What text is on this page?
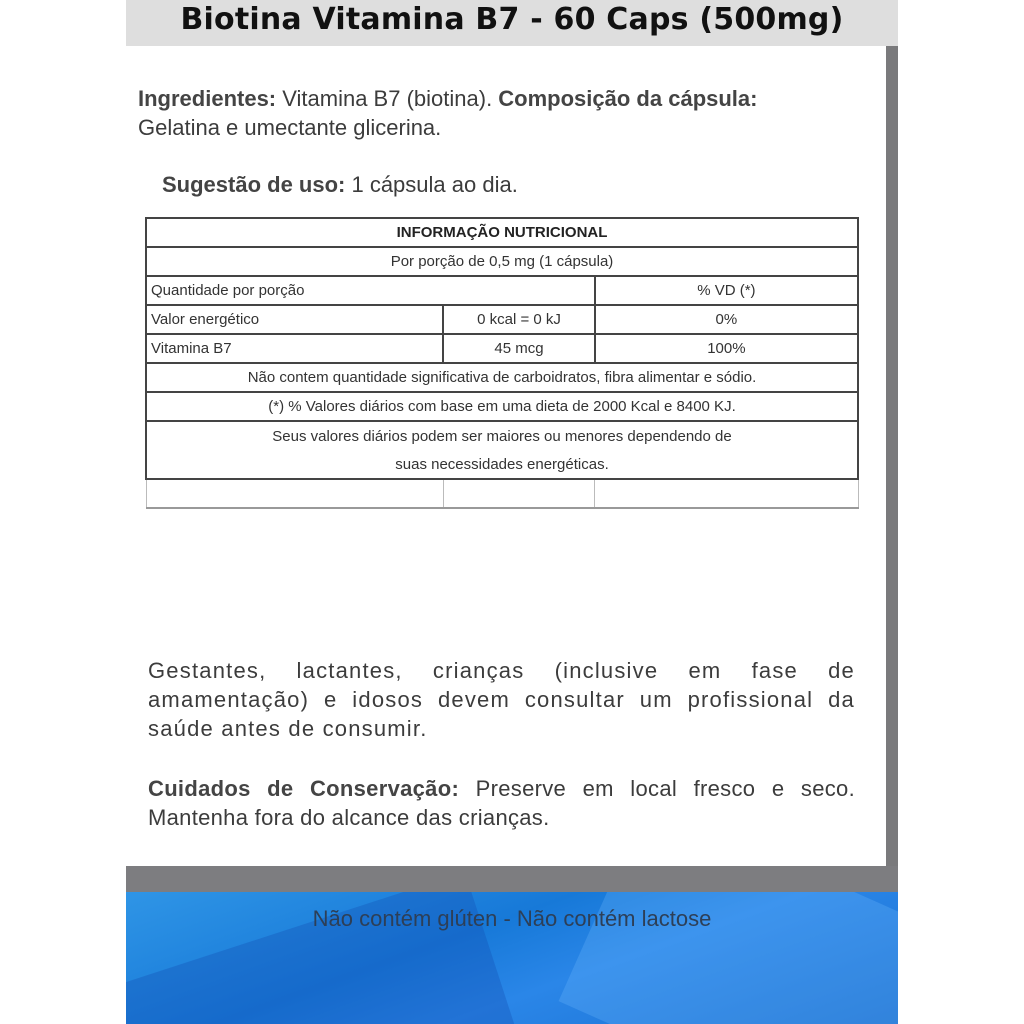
Biotina Vitamina B7 - 60 Caps (500mg)
Ingredientes: Vitamina B7 (biotina). Composição da cápsula: Gelatina e umectante glicerina.
Sugestão de uso: 1 cápsula ao dia.
INFORMAÇÃO NUTRICIONAL		
Por porção de 0,5 mg (1 cápsula)		
Quantidade por porção		% VD (*)
Valor energético	0 kcal = 0 kJ	0%
Vitamina B7	45 mcg	100%
Não contem quantidade significativa de carboidratos, fibra alimentar e sódio.		
(*) % Valores diários com base em uma dieta de 2000 Kcal e 8400 KJ.		
Seus valores diários podem ser maiores ou menores dependendo de		
suas necessidades energéticas.		

Gestantes, lactantes, crianças (inclusive em fase de amamentação) e idosos devem consultar um profissional da saúde antes de consumir.
Cuidados de Conservação: Preserve em local fresco e seco. Mantenha fora do alcance das crianças.
Não contém glúten - Não contém lactose
